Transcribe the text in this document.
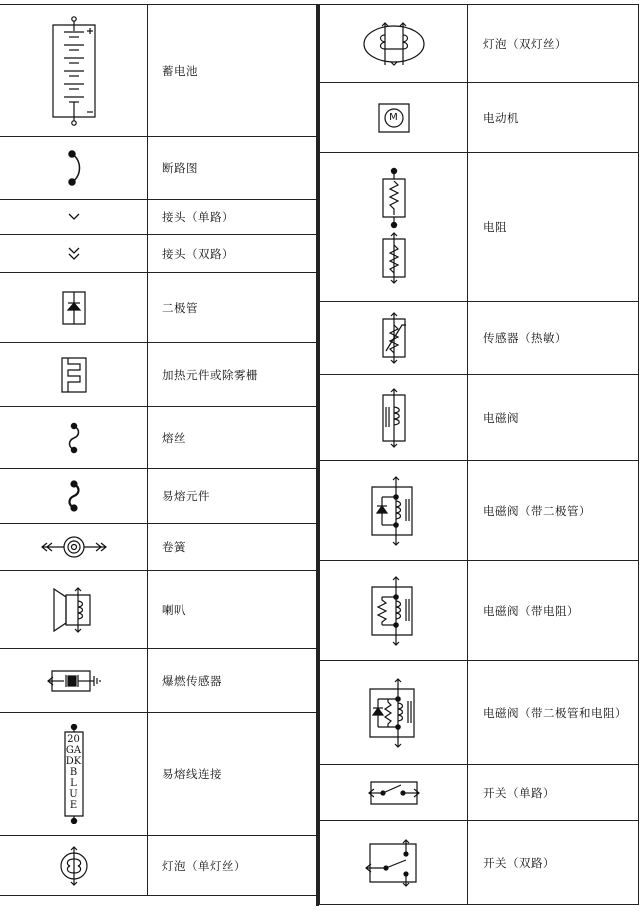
蓄电池
断路图
接头（单路）
接头（双路）
二极管
加热元件或除雾栅
熔丝
易熔元件
卷簧
喇叭
爆燃传感器
20
GA
DK
B
L
U
E
易熔线连接
灯泡（单灯丝）
灯泡（双灯丝）
M	电动机
电阻
传感器（热敏）
电磁阀
电磁阀（带二极管）
电磁阀（带电阻）
电磁阀（带二极管和电阻）
开关（单路）
开关（双路）
